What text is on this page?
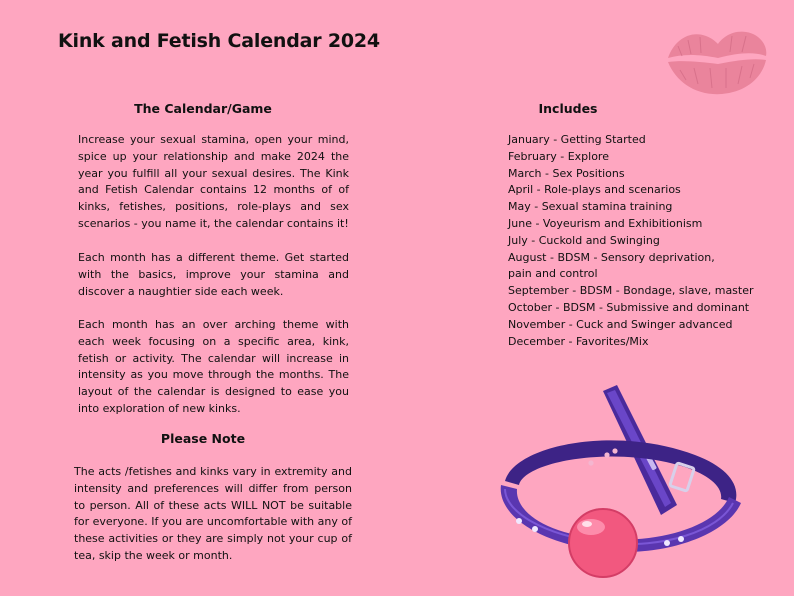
Kink and Fetish Calendar 2024
The Calendar/Game

Increase your sexual stamina, open your mind, spice up your relationship and make 2024 the year you fulfill all your sexual desires. The Kink and Fetish Calendar contains 12 months of of kinks, fetishes, positions, role-plays and sex scenarios - you name it, the calendar contains it!

Each month has a different theme. Get started with the basics, improve your stamina and discover a naughtier side each week.

Each month has an over arching theme with each week focusing on a specific area, kink, fetish or activity. The calendar will increase in intensity as you move through the months. The layout of the calendar is designed to ease you into exploration of new kinks.

Please Note

The acts /fetishes and kinks vary in extremity and intensity and preferences will differ from person to person. All of these acts WILL NOT be suitable for everyone. If you are uncomfortable with any of these activities or they are simply not your cup of tea, skip the week or month.

Includes
January - Getting Started
February - Explore
March - Sex Positions
April - Role-plays and scenarios
May - Sexual stamina training
June - Voyeurism and Exhibitionism
July - Cuckold and Swinging
August - BDSM - Sensory deprivation,
pain and control
September - BDSM - Bondage, slave, master
October - BDSM - Submissive and dominant
November - Cuck and Swinger advanced
December - Favorites/Mix
